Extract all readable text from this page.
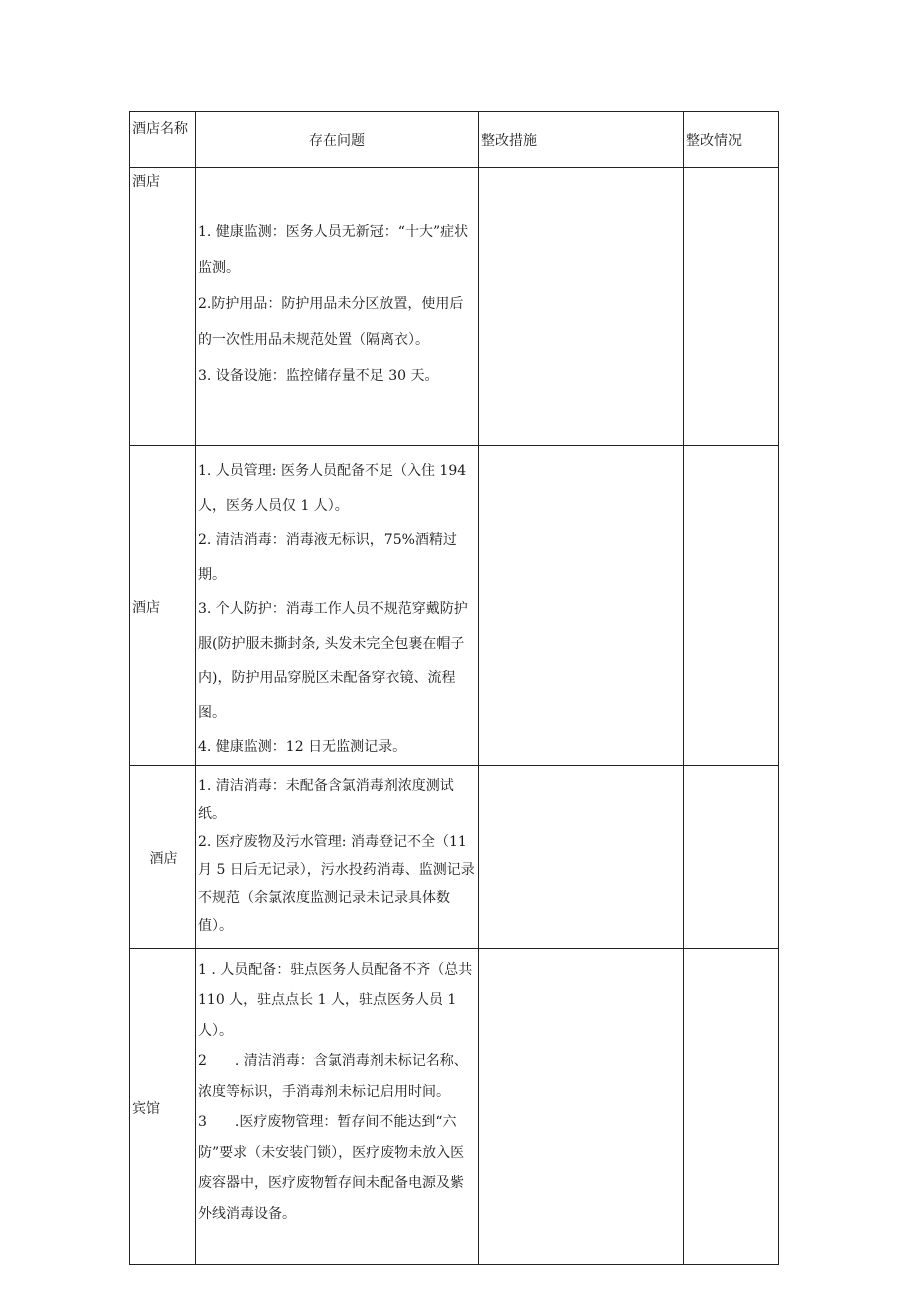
酒店名称	存在问题	整改措施	整改情况
酒店	1. 健康监测：医务人员无新冠：“十大”症状监测。

2.防护用品：防护用品未分区放置，使用后的一次性用品未规范处置（隔离衣）。

3. 设备设施：监控储存量不足 30 天。		

酒店	1. 人员管理: 医务人员配备不足（入住 194 人，医务人员仅 1 人）。

2. 清洁消毒：消毒液无标识，75%酒精过期。

3. 个人防护：消毒工作人员不规范穿戴防护服(防护服未撕封条, 头发未完全包裹在帽子内)，防护用品穿脱区未配备穿衣镜、流程图。

4. 健康监测：12 日无监测记录。		

酒店	1. 清洁消毒：未配备含氯消毒剂浓度测试纸。

2. 医疗废物及污水管理: 消毒登记不全（11 月 5 日后无记录），污水投药消毒、监测记录不规范（余氯浓度监测记录未记录具体数值）。		

宾馆	1 . 人员配备：驻点医务人员配备不齐（总共 110 人，驻点点长 1 人，驻点医务人员 1 人）。

2　　. 清洁消毒：含氯消毒剂未标记名称、浓度等标识，手消毒剂未标记启用时间。

3　　.医疗废物管理：暂存间不能达到“六防”要求（未安装门锁），医疗废物未放入医废容器中，医疗废物暂存间未配备电源及紫外线消毒设备。		
